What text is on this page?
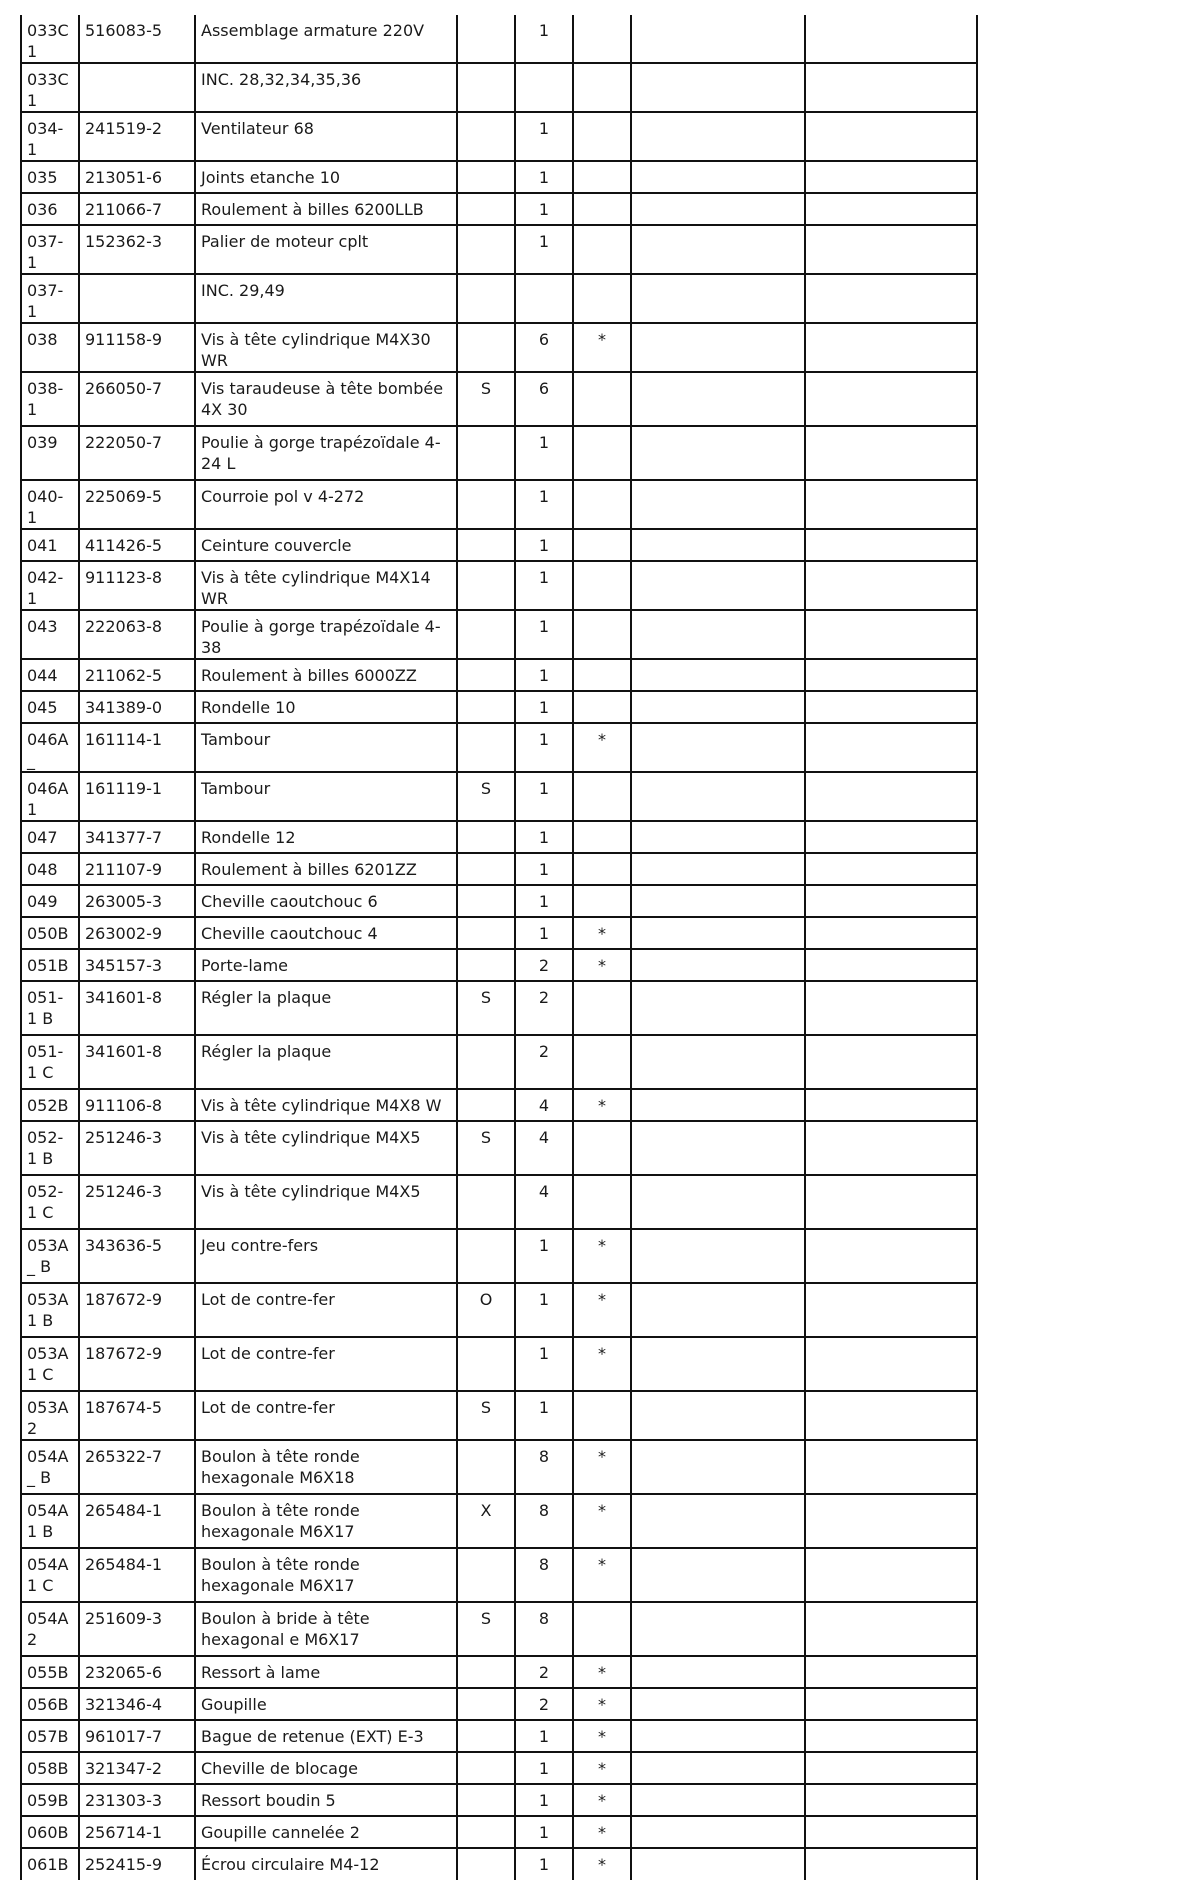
033C1	516083-5	Assemblage armature 220V		1			
033C1		INC. 28,32,34,35,36					
034-1	241519-2	Ventilateur 68		1			
035	213051-6	Joints etanche 10		1			
036	211066-7	Roulement à billes 6200LLB		1			
037-1	152362-3	Palier de moteur cplt		1			
037-1		INC. 29,49					
038	911158-9	Vis à tête cylindrique M4X30 WR		6	*		
038-1	266050-7	Vis taraudeuse à tête bombée 4X 30	S	6			
039	222050-7	Poulie à gorge trapézoïdale 4-24 L		1			
040-1	225069-5	Courroie pol v 4-272		1			
041	411426-5	Ceinture couvercle		1			
042-1	911123-8	Vis à tête cylindrique M4X14 WR		1			
043	222063-8	Poulie à gorge trapézoïdale 4-38		1			
044	211062-5	Roulement à billes 6000ZZ		1			
045	341389-0	Rondelle 10		1			
046A_	161114-1	Tambour		1	*		
046A1	161119-1	Tambour	S	1			
047	341377-7	Rondelle 12		1			
048	211107-9	Roulement à billes 6201ZZ		1			
049	263005-3	Cheville caoutchouc 6		1			
050B	263002-9	Cheville caoutchouc 4		1	*		
051B	345157-3	Porte-lame		2	*		
051-1 B	341601-8	Régler la plaque	S	2			
051-1 C	341601-8	Régler la plaque		2			
052B	911106-8	Vis à tête cylindrique M4X8 W		4	*		
052-1 B	251246-3	Vis à tête cylindrique M4X5	S	4			
052-1 C	251246-3	Vis à tête cylindrique M4X5		4			
053A_ B	343636-5	Jeu contre-fers		1	*		
053A1 B	187672-9	Lot de contre-fer	O	1	*		
053A1 C	187672-9	Lot de contre-fer		1	*		
053A2	187674-5	Lot de contre-fer	S	1			
054A_ B	265322-7	Boulon à tête ronde hexagonale M6X18		8	*		
054A1 B	265484-1	Boulon à tête ronde hexagonale M6X17	X	8	*		
054A1 C	265484-1	Boulon à tête ronde hexagonale M6X17		8	*		
054A2	251609-3	Boulon à bride à tête hexagonal e M6X17	S	8			
055B	232065-6	Ressort à lame		2	*		
056B	321346-4	Goupille		2	*		
057B	961017-7	Bague de retenue (EXT) E-3		1	*		
058B	321347-2	Cheville de blocage		1	*		
059B	231303-3	Ressort boudin 5		1	*		
060B	256714-1	Goupille cannelée 2		1	*		
061B	252415-9	Écrou circulaire M4-12		1	*		
